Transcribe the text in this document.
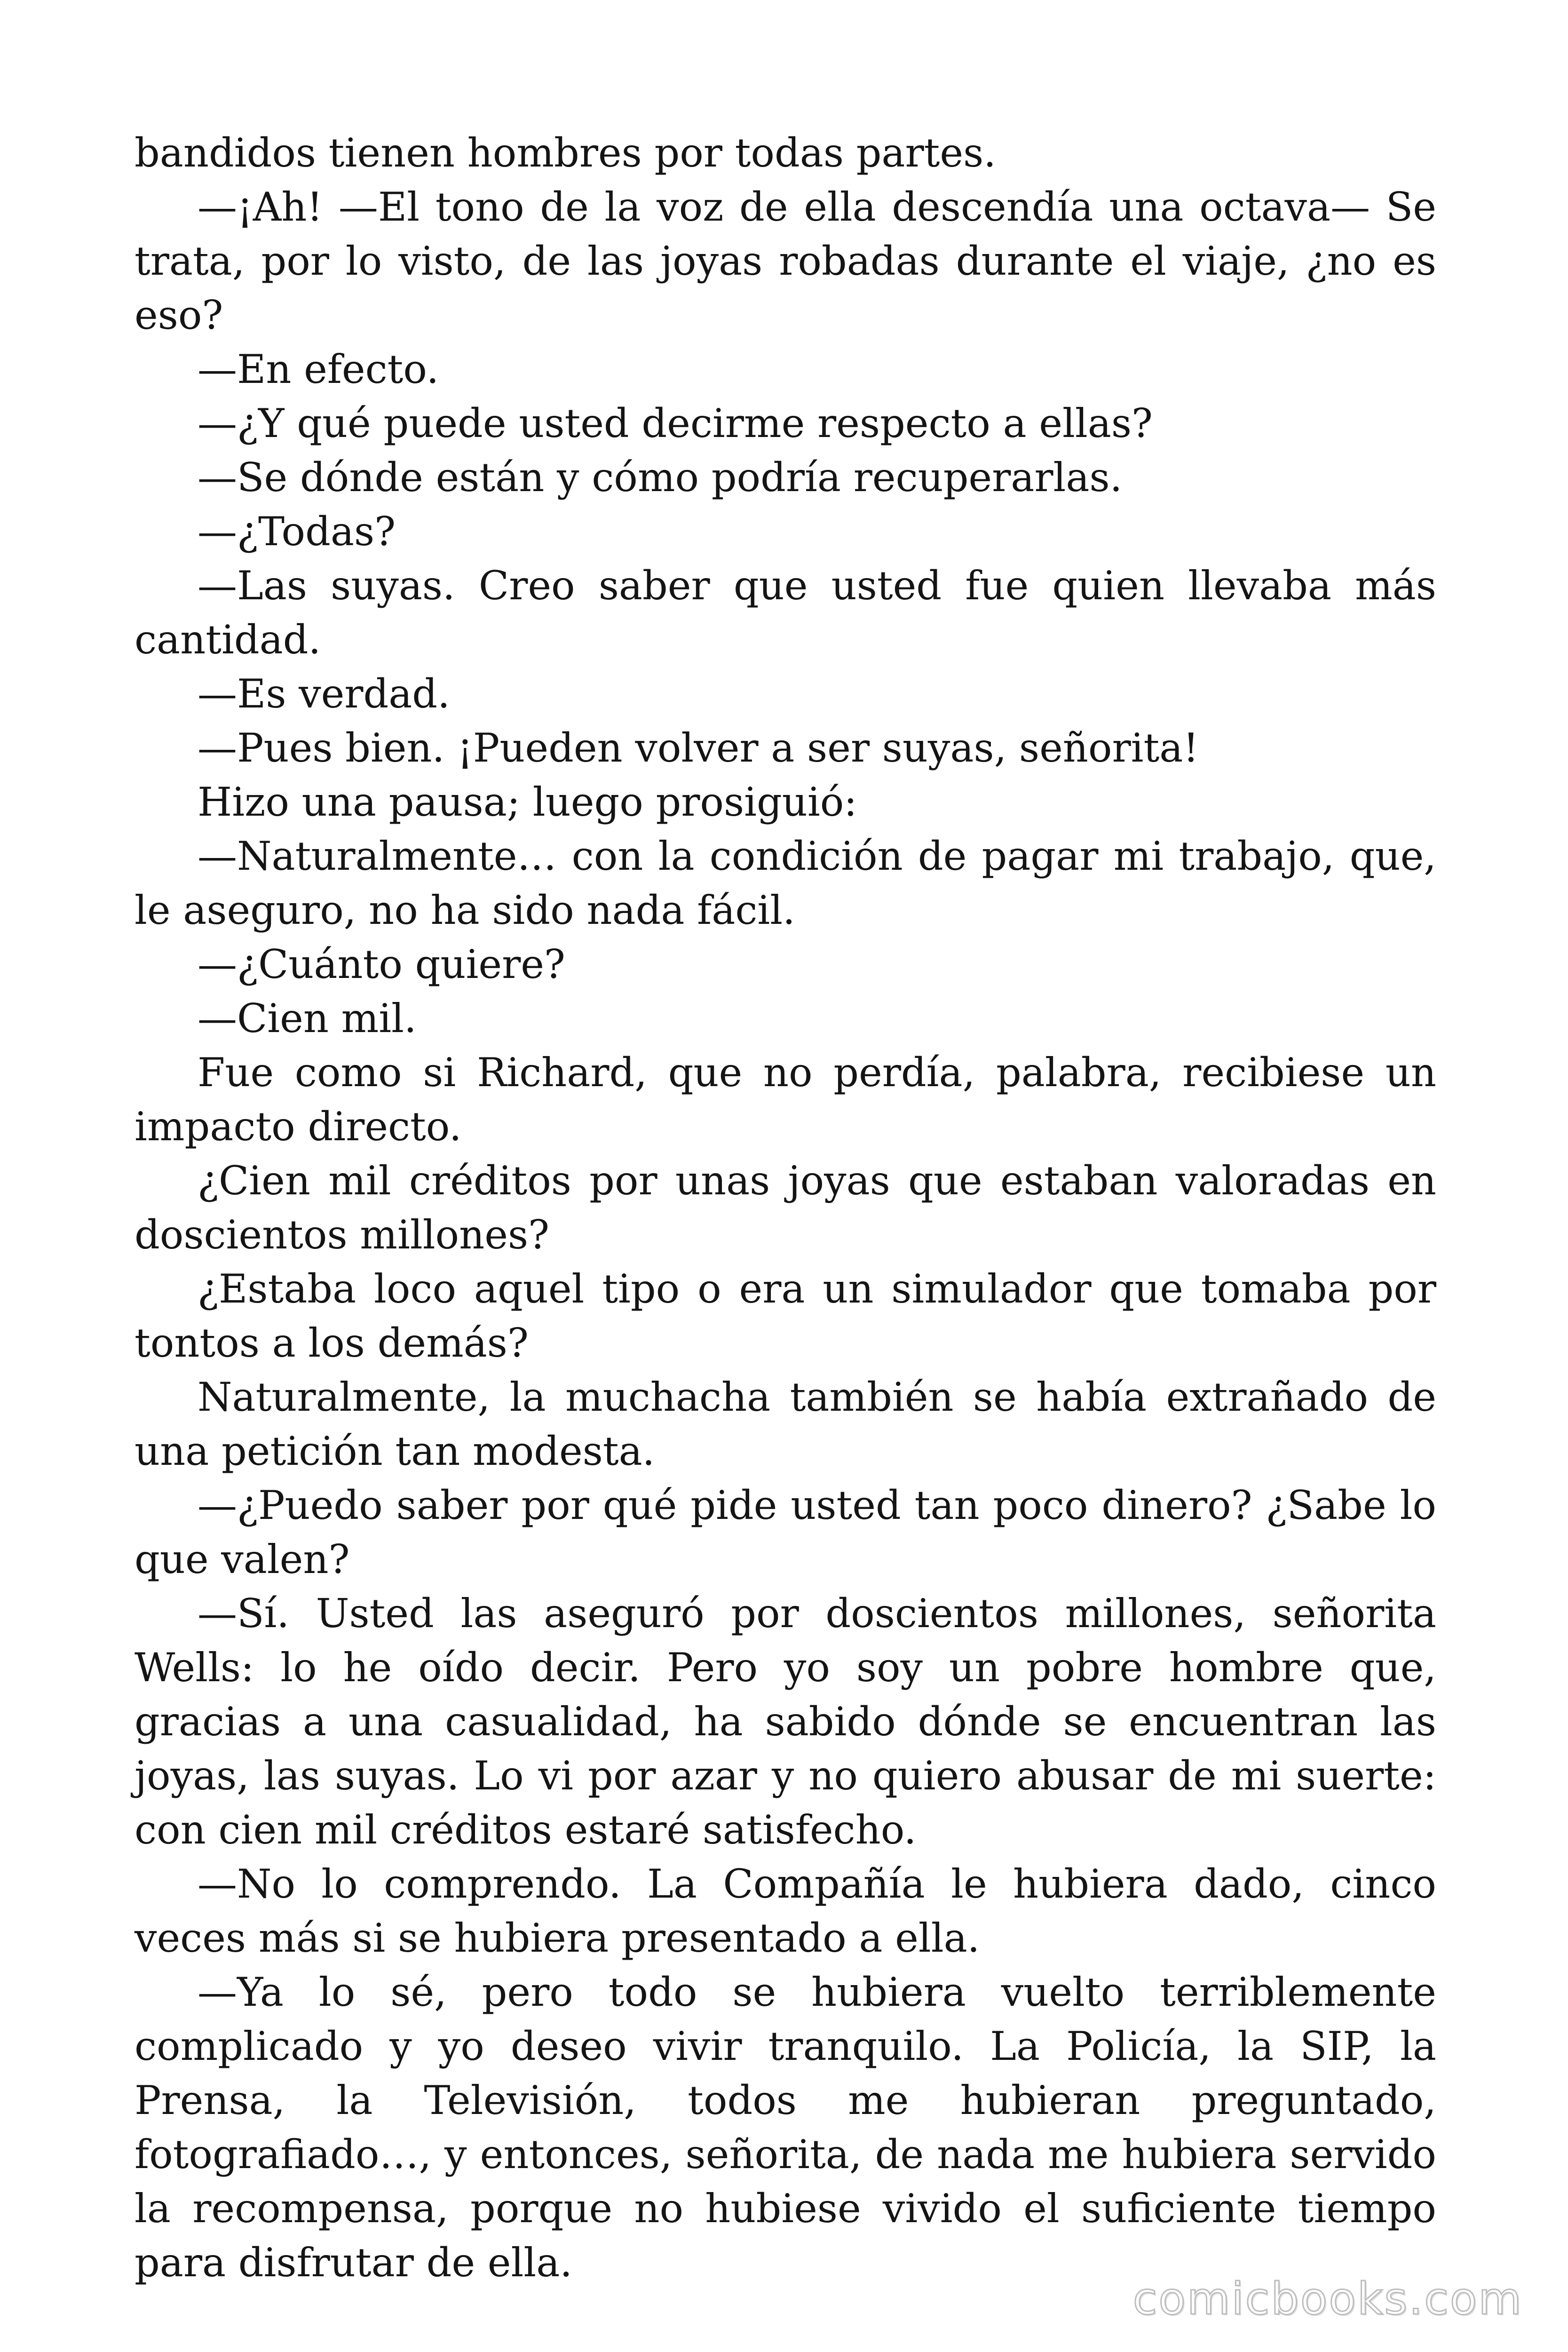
bandidos tienen hombres por todas partes.

—¡Ah! —El tono de la voz de ella descendía una octava— Se trata, por lo visto, de las joyas robadas durante el viaje, ¿no es eso?

—En efecto.

—¿Y qué puede usted decirme respecto a ellas?

—Se dónde están y cómo podría recuperarlas.

—¿Todas?

—Las suyas. Creo saber que usted fue quien llevaba más cantidad.

—Es verdad.

—Pues bien. ¡Pueden volver a ser suyas, señorita!

Hizo una pausa; luego prosiguió:

—Naturalmente… con la condición de pagar mi trabajo, que, le aseguro, no ha sido nada fácil.

—¿Cuánto quiere?

—Cien mil.

Fue como si Richard, que no perdía, palabra, recibiese un impacto directo.

¿Cien mil créditos por unas joyas que estaban valoradas en doscientos millones?

¿Estaba loco aquel tipo o era un simulador que tomaba por tontos a los demás?

Naturalmente, la muchacha también se había extrañado de una petición tan modesta.

—¿Puedo saber por qué pide usted tan poco dinero? ¿Sabe lo que valen?

—Sí. Usted las aseguró por doscientos millones, señorita Wells: lo he oído decir. Pero yo soy un pobre hombre que, gracias a una casualidad, ha sabido dónde se encuentran las joyas, las suyas. Lo vi por azar y no quiero abusar de mi suerte: con cien mil créditos estaré satisfecho.

—No lo comprendo. La Compañía le hubiera dado, cinco veces más si se hubiera presentado a ella.

—Ya lo sé, pero todo se hubiera vuelto terriblemente complicado y yo deseo vivir tranquilo. La Policía, la SIP, la Prensa, la Televisión, todos me hubieran preguntado, fotografiado…, y entonces, señorita, de nada me hubiera servido la recompensa, porque no hubiese vivido el suficiente tiempo para disfrutar de ella.

comicbooks.com
